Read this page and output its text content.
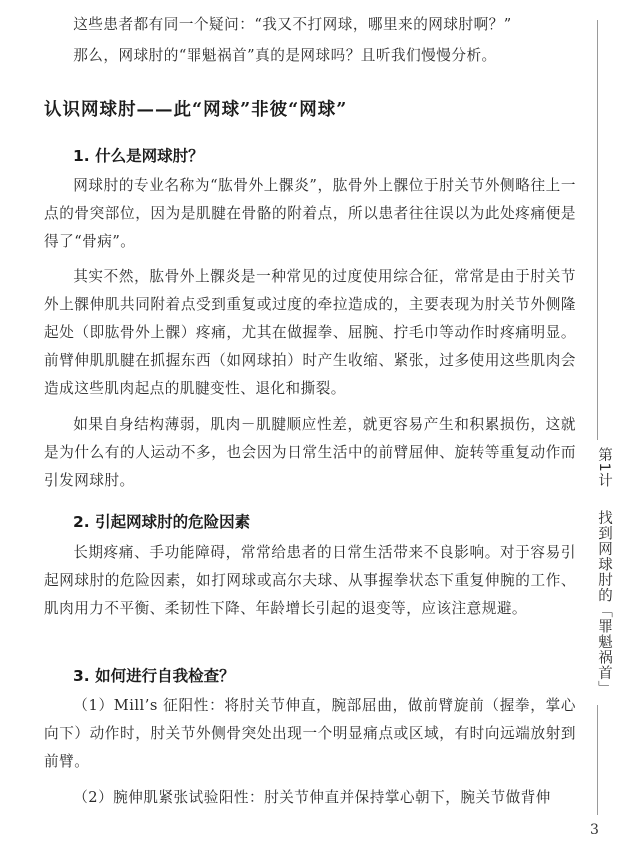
这些患者都有同一个疑问：“我又不打网球，哪里来的网球肘啊？”

那么，网球肘的“罪魁祸首”真的是网球吗？且听我们慢慢分析。

认识网球肘——此“网球”非彼“网球”
1. 什么是网球肘？

网球肘的专业名称为“肱骨外上髁炎”，肱骨外上髁位于肘关节外侧略往上一点的骨突部位，因为是肌腱在骨骼的附着点，所以患者往往误以为此处疼痛便是得了“骨病”。

其实不然，肱骨外上髁炎是一种常见的过度使用综合征，常常是由于肘关节外上髁伸肌共同附着点受到重复或过度的牵拉造成的，主要表现为肘关节外侧隆起处（即肱骨外上髁）疼痛，尤其在做握拳、屈腕、拧毛巾等动作时疼痛明显。前臂伸肌肌腱在抓握东西（如网球拍）时产生收缩、紧张，过多使用这些肌肉会造成这些肌肉起点的肌腱变性、退化和撕裂。

如果自身结构薄弱，肌肉－肌腱顺应性差，就更容易产生和积累损伤，这就是为什么有的人运动不多，也会因为日常生活中的前臂屈伸、旋转等重复动作而引发网球肘。

2. 引起网球肘的危险因素

长期疼痛、手功能障碍，常常给患者的日常生活带来不良影响。对于容易引起网球肘的危险因素，如打网球或高尔夫球、从事握拳状态下重复伸腕的工作、肌肉用力不平衡、柔韧性下降、年龄增长引起的退变等，应该注意规避。

3. 如何进行自我检查？

（1）Mill’s 征阳性：将肘关节伸直，腕部屈曲，做前臂旋前（握拳，掌心向下）动作时，肘关节外侧骨突处出现一个明显痛点或区域，有时向远端放射到前臂。

（2）腕伸肌紧张试验阳性：肘关节伸直并保持掌心朝下，腕关节做背伸

第1计
找到网球肘的「罪魁祸首」
3
